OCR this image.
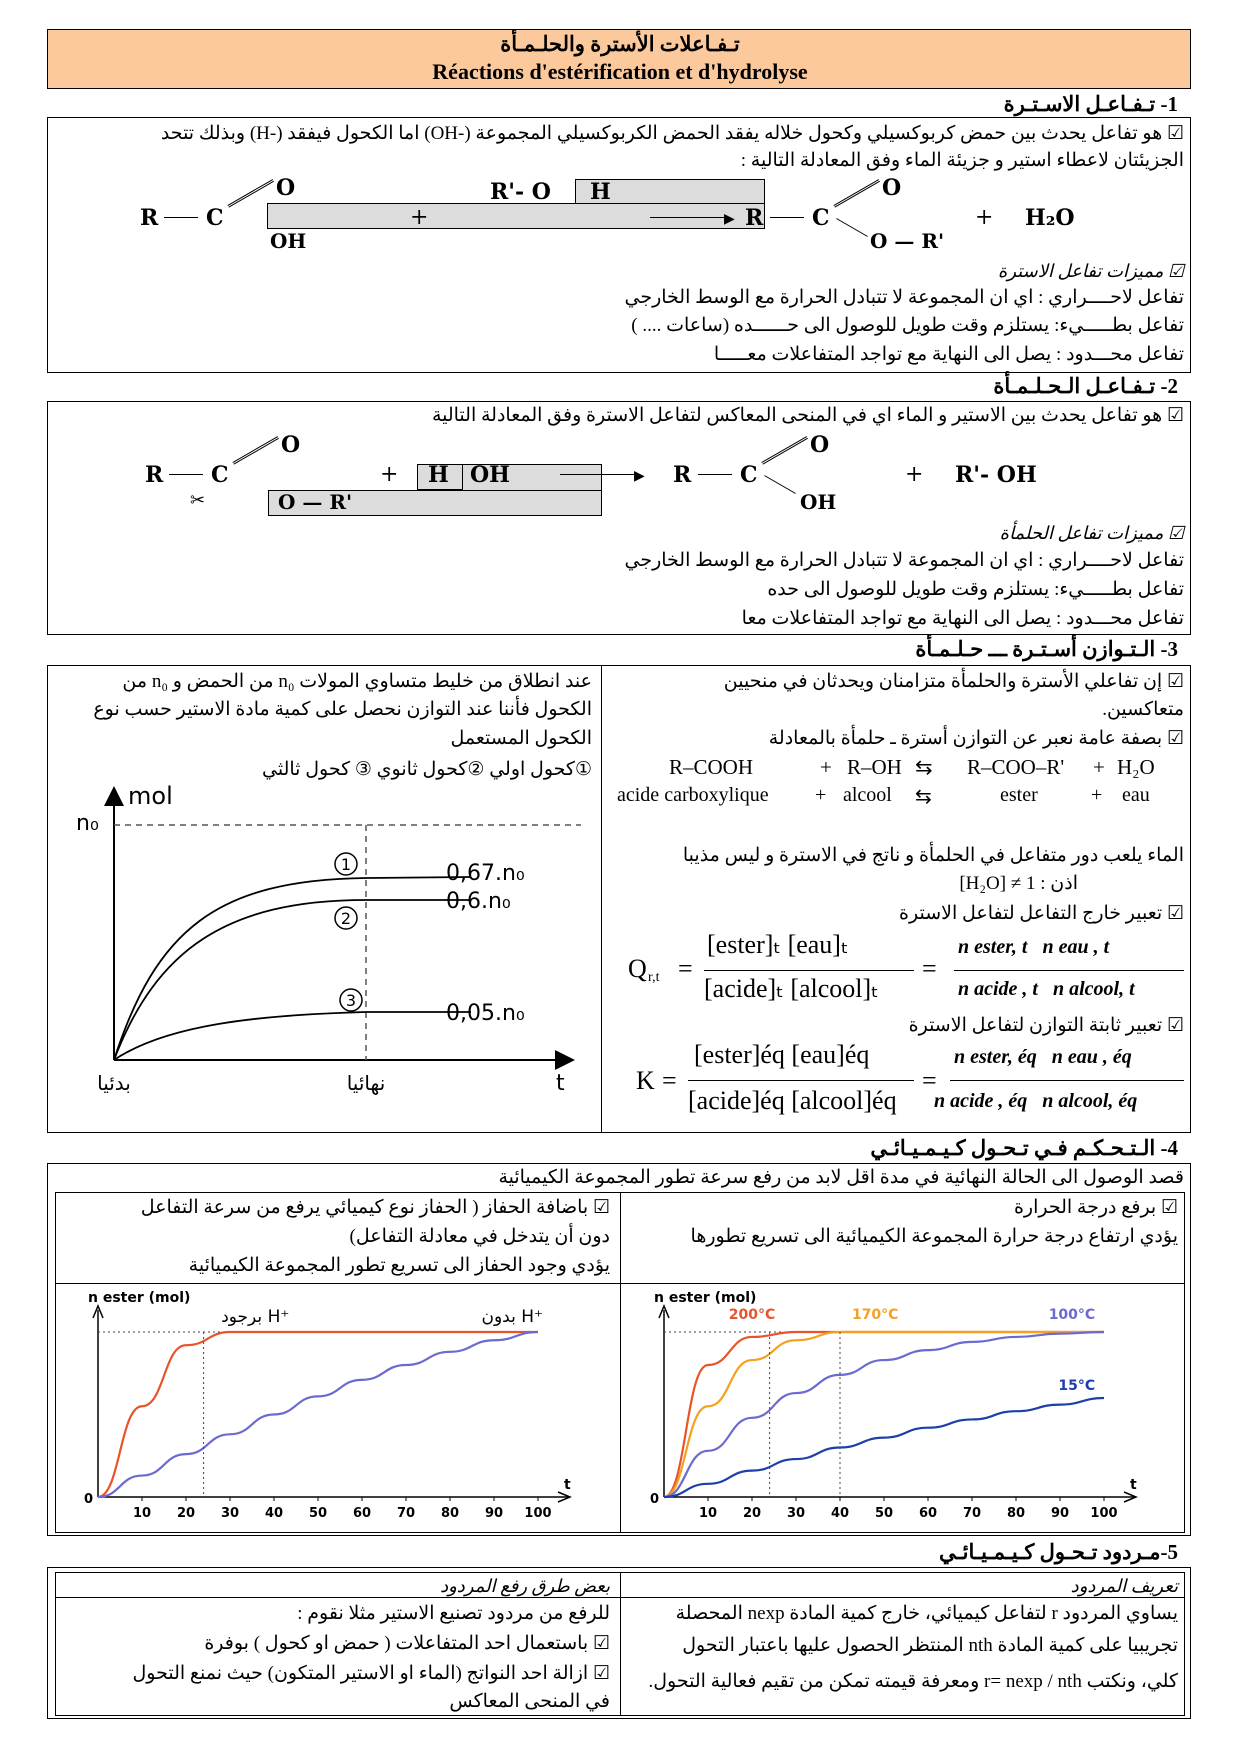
تـفـاعلات الأسترة والحلـمـأة
Réactions d'estérification et d'hydrolyse
1- تـفـاعـل الاسـتـرة
☑ هو تفاعل يحدث بين حمض كربوكسيلي وكحول خلاله يفقد الحمض الكربوكسيلي المجموعة (-OH) اما الكحول فيفقد (-H) وبذلك تتحد
الجزيئتان لاعطاء استير و جزيئة الماء وفق المعادلة التالية :
R C
O
OH
+
R'- O H
▶ R C
O
O — R'
+ H₂O
☑ مميزات تفاعل الاسترة
تفاعل لاحــــراري : اي ان المجموعة لا تتبادل الحرارة مع الوسط الخارجي
تفاعل بطـــــيء: يستلزم وقت طويل للوصول الى حــــــده (ساعات .... )
تفاعل محـــدود : يصل الى النهاية مع تواجد المتفاعلات معـــــا
2- تـفـاعـل الـحـلـمـأة
☑ هو تفاعل يحدث بين الاستير و الماء اي في المنحى المعاكس لتفاعل الاسترة وفق المعادلة التالية
R C
O
O — R'
✂
+ H OH	▶ R C
O
OH
+ R'- OH
☑ مميزات تفاعل الحلمأة
تفاعل لاحــــراري : اي ان المجموعة لا تتبادل الحرارة مع الوسط الخارجي
تفاعل بطـــــيء: يستلزم وقت طويل للوصول الى حده
تفاعل محـــدود : يصل الى النهاية مع تواجد المتفاعلات معا
3- الـتـوازن أسـتـرة ـــ حـلـمـأة
☑ إن تفاعلي الأسترة والحلمأة متزامنان ويحدثان في منحيين
متعاكسين.
☑ بصفة عامة نعبر عن التوازن أسترة ـ حلمأة بالمعادلة
R–COOH	+ R–OH ⇆ R–COO–R' + H₂O
acide carboxylique + alcool ⇆	ester	+ eau
الماء يلعب دور متفاعل في الحلمأة و ناتج في الاسترة و ليس مذيبا
اذن : 1 ≠ [H₂O]
☑ تعبير خارج التفاعل لتفاعل الاسترة
Q r,t =
[ester]ₜ [eau]ₜ
[acide]ₜ [alcool]ₜ
=
n ester, t   n eau , t
n acide , t   n alcool, t
☑ تعبير ثابتة التوازن لتفاعل الاسترة
K =
[ester]éq [eau]éq
[acide]éq [alcool]éq
=
n ester, éq   n eau , éq
n acide , éq   n alcool, éq
عند انطلاق من خليط متساوي المولات n₀ من الحمض و n₀ من
الكحول فأننا عند التوازن نحصل على كمية مادة الاستير حسب نوع
الكحول المستعمل
①كحول اولي ②كحول ثانوي ③ كحول ثالثي
1
2
3
mol
n₀
0,67.n₀
0,6.n₀
0,05.n₀
بدئيا	نهائيا	t
4- الـتـحـكـم فـي تـحـول كـيـمـيـائـي
قصد الوصول الى الحالة النهائية في مدة اقل لابد من رفع سرعة تطور المجموعة الكيميائية
☑ برفع درجة الحرارة
يؤدي ارتفاع درجة حرارة المجموعة الكيميائية الى تسريع تطورها
☑ باضافة الحفاز ( الحفاز نوع كيميائي يرفع من سرعة التفاعل
دون أن يتدخل في معادلة التفاعل)
يؤدي وجود الحفاز الى تسريع تطور المجموعة الكيميائية
0
10 20 30 40 50 60 70 80 90 100
t
n ester (mol)
برجود H⁺	بدون H⁺
0
10 20 30 40 50 60 70 80 90 100
t
n ester (mol)
200°C	170°C	100°C
15°C
5-مـردود تـحـول كـيـمـيـائـي
تعريف المردود
بعض طرق رفع المردود
يساوي المردود r لتفاعل كيميائي، خارج كمية المادة nexp المحصلة
تجريبيا على كمية المادة nth المنتظر الحصول عليها باعتبار التحول
كلي، ونكتب r= nexp / nth ومعرفة قيمته تمكن من تقيم فعالية التحول.
للرفع من مردود تصنيع الاستير مثلا نقوم :
☑ باستعمال احد المتفاعلات ( حمض او كحول ) بوفرة
☑ ازالة احد النواتج (الماء او الاستير المتكون) حيث نمنع التحول
في المنحى المعاكس
